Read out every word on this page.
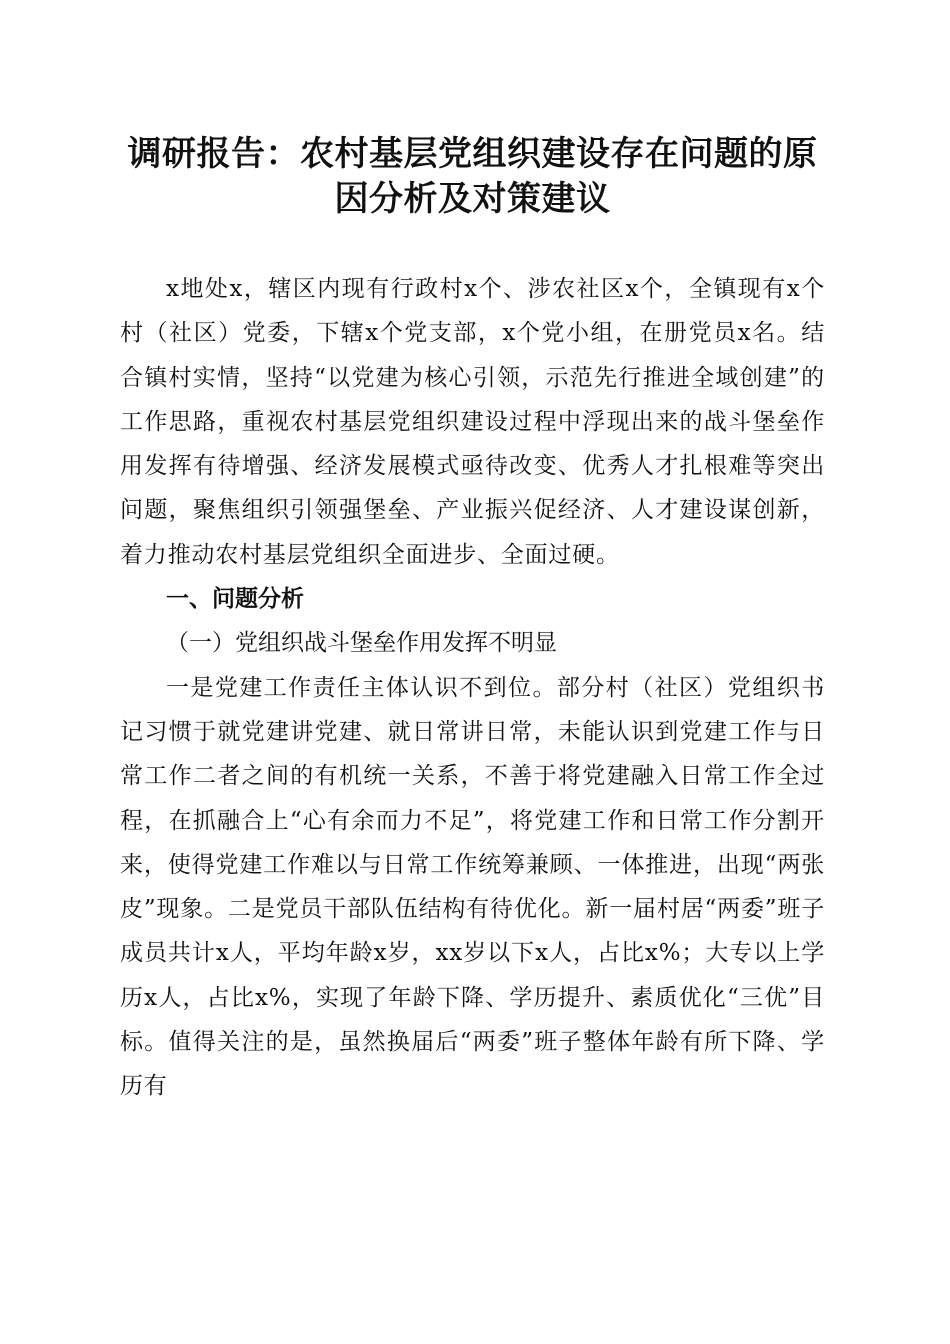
调研报告：农村基层党组织建设存在问题的原因分析及对策建议

x地处x，辖区内现有行政村x个、涉农社区x个，全镇现有x个村（社区）党委，下辖x个党支部，x个党小组，在册党员x名。结合镇村实情，坚持“以党建为核心引领，示范先行推进全域创建”的工作思路，重视农村基层党组织建设过程中浮现出来的战斗堡垒作用发挥有待增强、经济发展模式亟待改变、优秀人才扎根难等突出问题，聚焦组织引领强堡垒、产业振兴促经济、人才建设谋创新，着力推动农村基层党组织全面进步、全面过硬。

一、问题分析
（一）党组织战斗堡垒作用发挥不明显

一是党建工作责任主体认识不到位。部分村（社区）党组织书记习惯于就党建讲党建、就日常讲日常，未能认识到党建工作与日常工作二者之间的有机统一关系，不善于将党建融入日常工作全过程，在抓融合上“心有余而力不足”，将党建工作和日常工作分割开来，使得党建工作难以与日常工作统筹兼顾、一体推进，出现“两张皮”现象。二是党员干部队伍结构有待优化。新一届村居“两委”班子成员共计x人，平均年龄x岁，xx岁以下x人，占比x%；大专以上学历x人，占比x%，实现了年龄下降、学历提升、素质优化“三优”目标。值得关注的是，虽然换届后“两委”班子整体年龄有所下降、学历有
